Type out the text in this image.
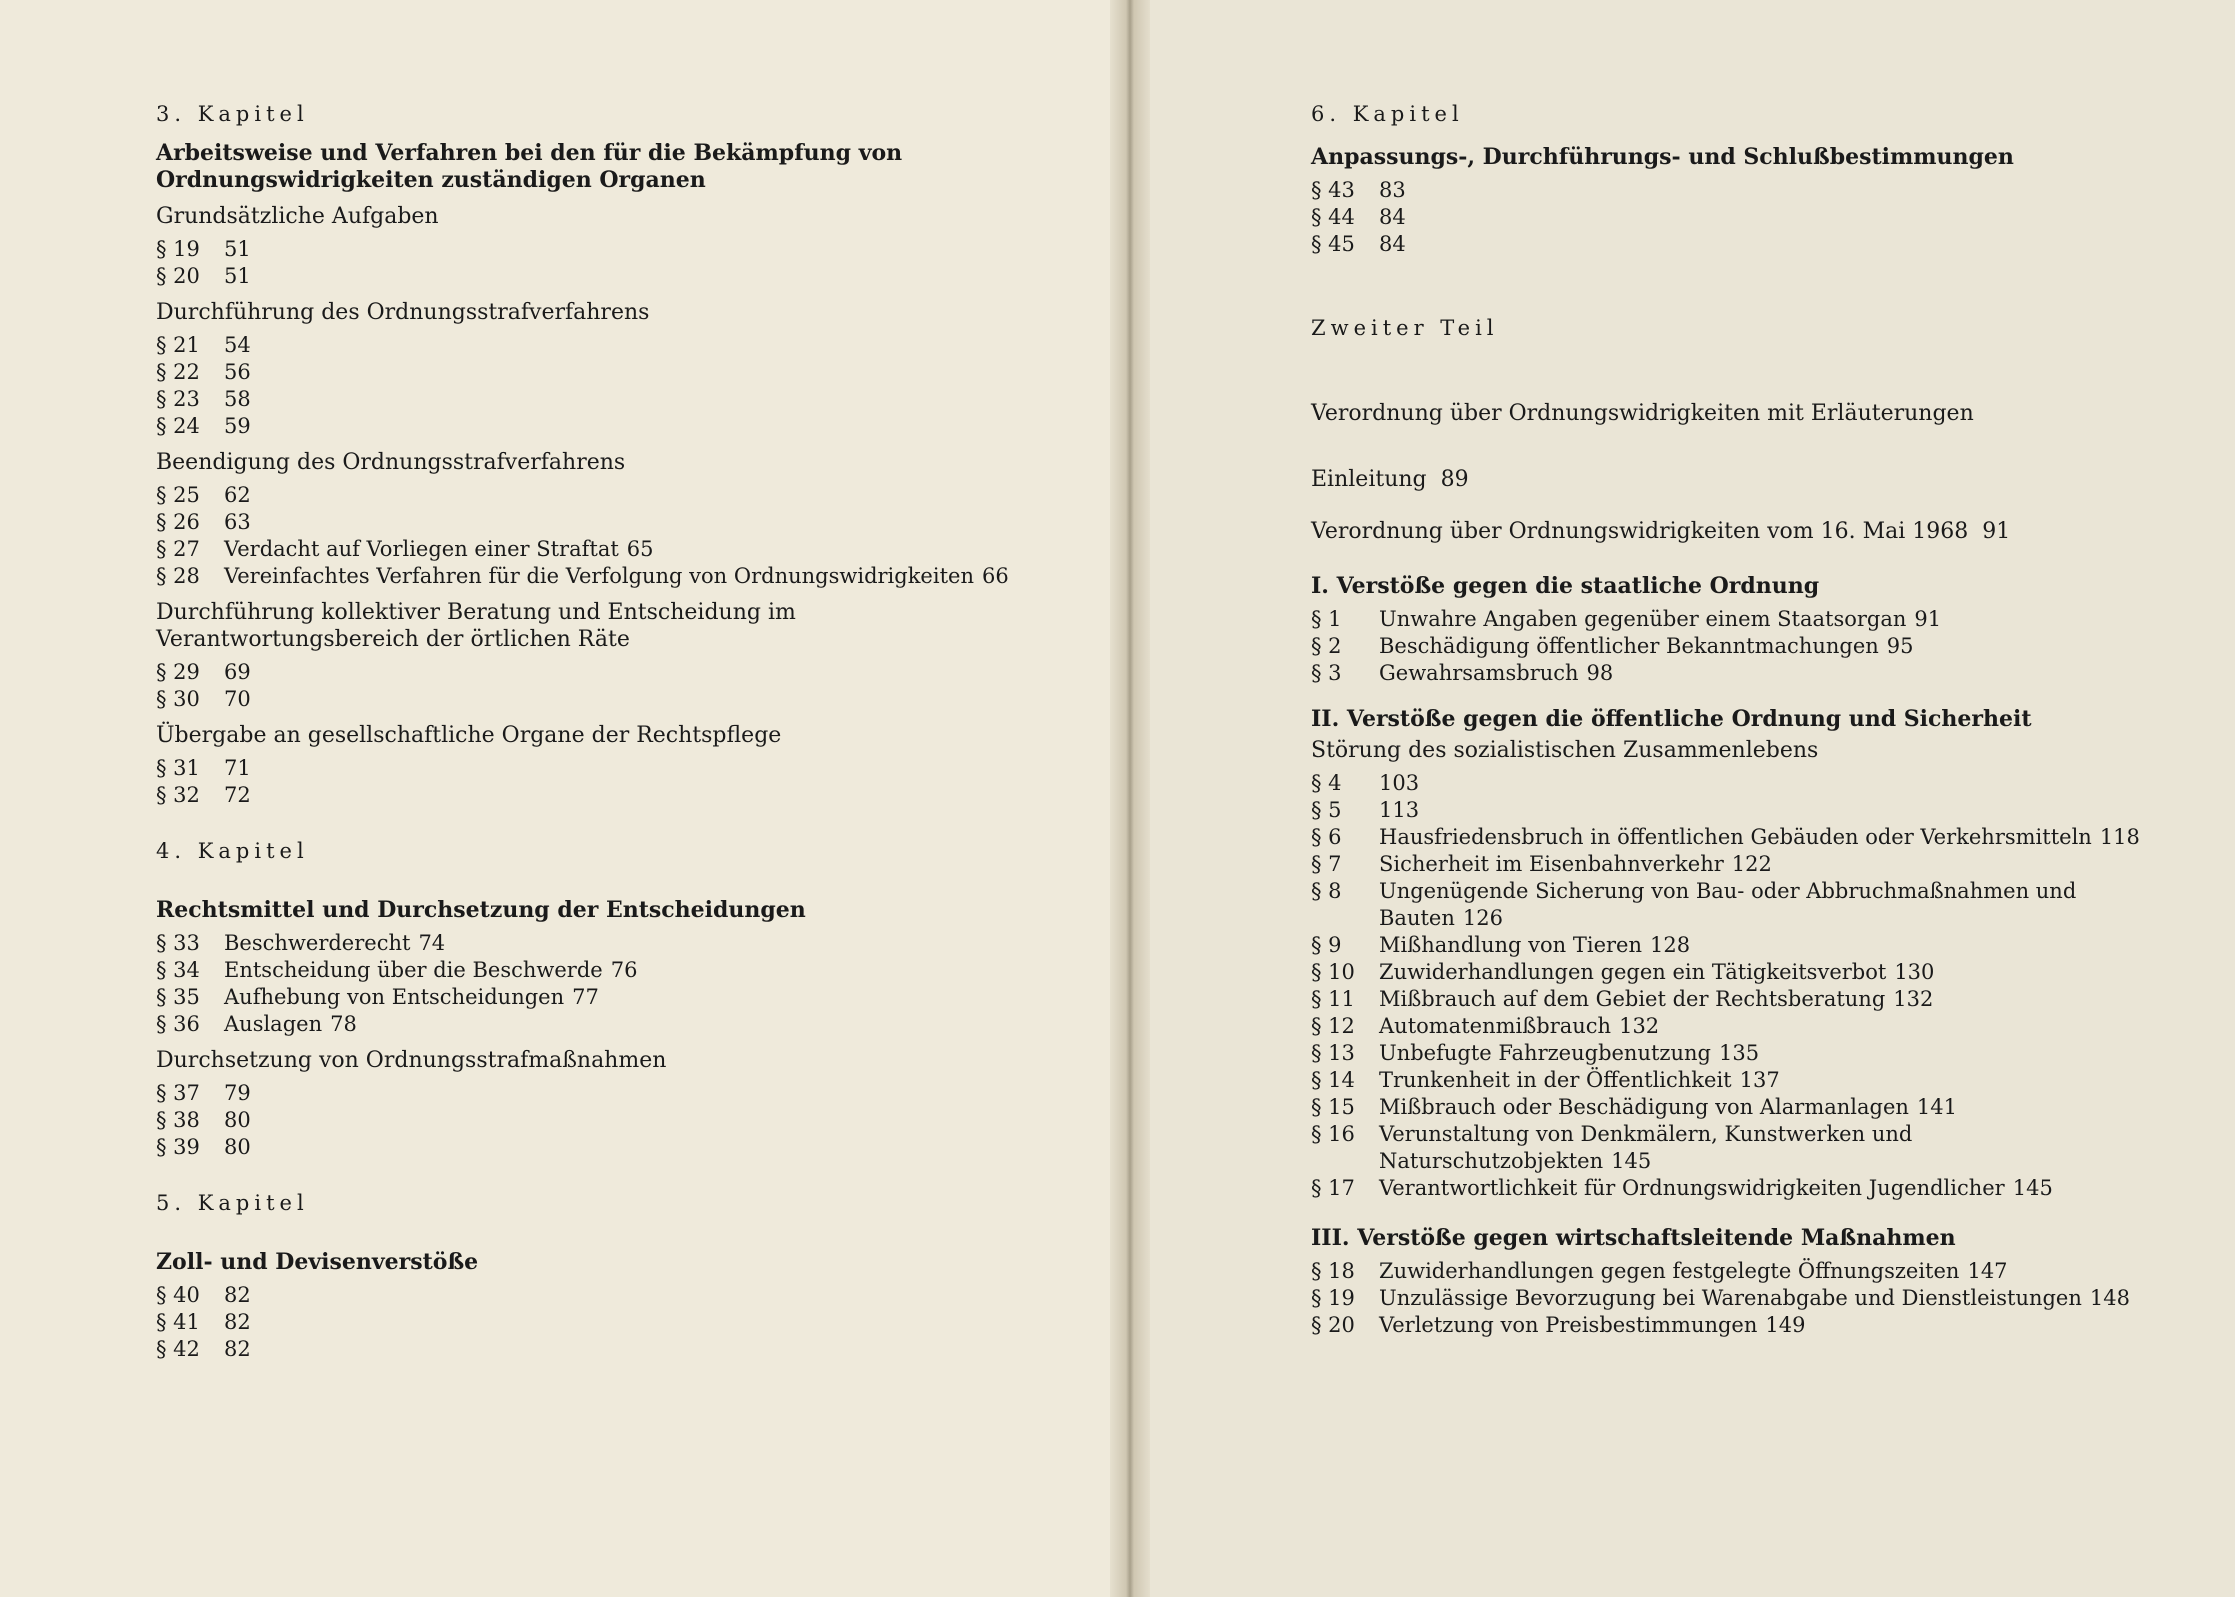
3. Kapitel
Arbeitsweise und Verfahren bei den für die Bekämpfung von Ordnungswidrigkeiten zuständigen Organen
Grundsätzliche Aufgaben
§ 19	51
§ 20	51
Durchführung des Ordnungsstrafverfahrens
§ 21	54
§ 22	56
§ 23	58
§ 24	59
Beendigung des Ordnungsstrafverfahrens
§ 25	62
§ 26	63
§ 27	Verdacht auf Vorliegen einer Straftat 65
§ 28	Vereinfachtes Verfahren für die Verfolgung von Ordnungswidrigkeiten 66
Durchführung kollektiver Beratung und Entscheidung im Verantwortungsbereich der örtlichen Räte
§ 29	69
§ 30	70
Übergabe an gesellschaftliche Organe der Rechtspflege
§ 31	71
§ 32	72
4. Kapitel
Rechtsmittel und Durchsetzung der Entscheidungen
§ 33	Beschwerderecht 74
§ 34	Entscheidung über die Beschwerde 76
§ 35	Aufhebung von Entscheidungen 77
§ 36	Auslagen 78
Durchsetzung von Ordnungsstrafmaßnahmen
§ 37	79
§ 38	80
§ 39	80
5. Kapitel
Zoll- und Devisenverstöße
§ 40	82
§ 41	82
§ 42	82
6. Kapitel
Anpassungs-, Durchführungs- und Schlußbestimmungen
§ 43	83
§ 44	84
§ 45	84
Zweiter Teil
Verordnung über Ordnungswidrigkeiten mit Erläuterungen
Einleitung 89
Verordnung über Ordnungswidrigkeiten vom 16. Mai 1968 91
I. Verstöße gegen die staatliche Ordnung
§ 1	Unwahre Angaben gegenüber einem Staatsorgan 91
§ 2	Beschädigung öffentlicher Bekanntmachungen 95
§ 3	Gewahrsamsbruch 98
II. Verstöße gegen die öffentliche Ordnung und Sicherheit
Störung des sozialistischen Zusammenlebens
§ 4	103
§ 5	113
§ 6	Hausfriedensbruch in öffentlichen Gebäuden oder Verkehrsmitteln 118
§ 7	Sicherheit im Eisenbahnverkehr 122
§ 8	Ungenügende Sicherung von Bau- oder Abbruchmaßnahmen und Bauten 126
§ 9	Mißhandlung von Tieren 128
§ 10	Zuwiderhandlungen gegen ein Tätigkeitsverbot 130
§ 11	Mißbrauch auf dem Gebiet der Rechtsberatung 132
§ 12	Automatenmißbrauch 132
§ 13	Unbefugte Fahrzeugbenutzung 135
§ 14	Trunkenheit in der Öffentlichkeit 137
§ 15	Mißbrauch oder Beschädigung von Alarmanlagen 141
§ 16	Verunstaltung von Denkmälern, Kunstwerken und Naturschutzobjekten 145
§ 17	Verantwortlichkeit für Ordnungswidrigkeiten Jugendlicher 145
III. Verstöße gegen wirtschaftsleitende Maßnahmen
§ 18	Zuwiderhandlungen gegen festgelegte Öffnungszeiten 147
§ 19	Unzulässige Bevorzugung bei Warenabgabe und Dienstleistungen 148
§ 20	Verletzung von Preisbestimmungen 149
